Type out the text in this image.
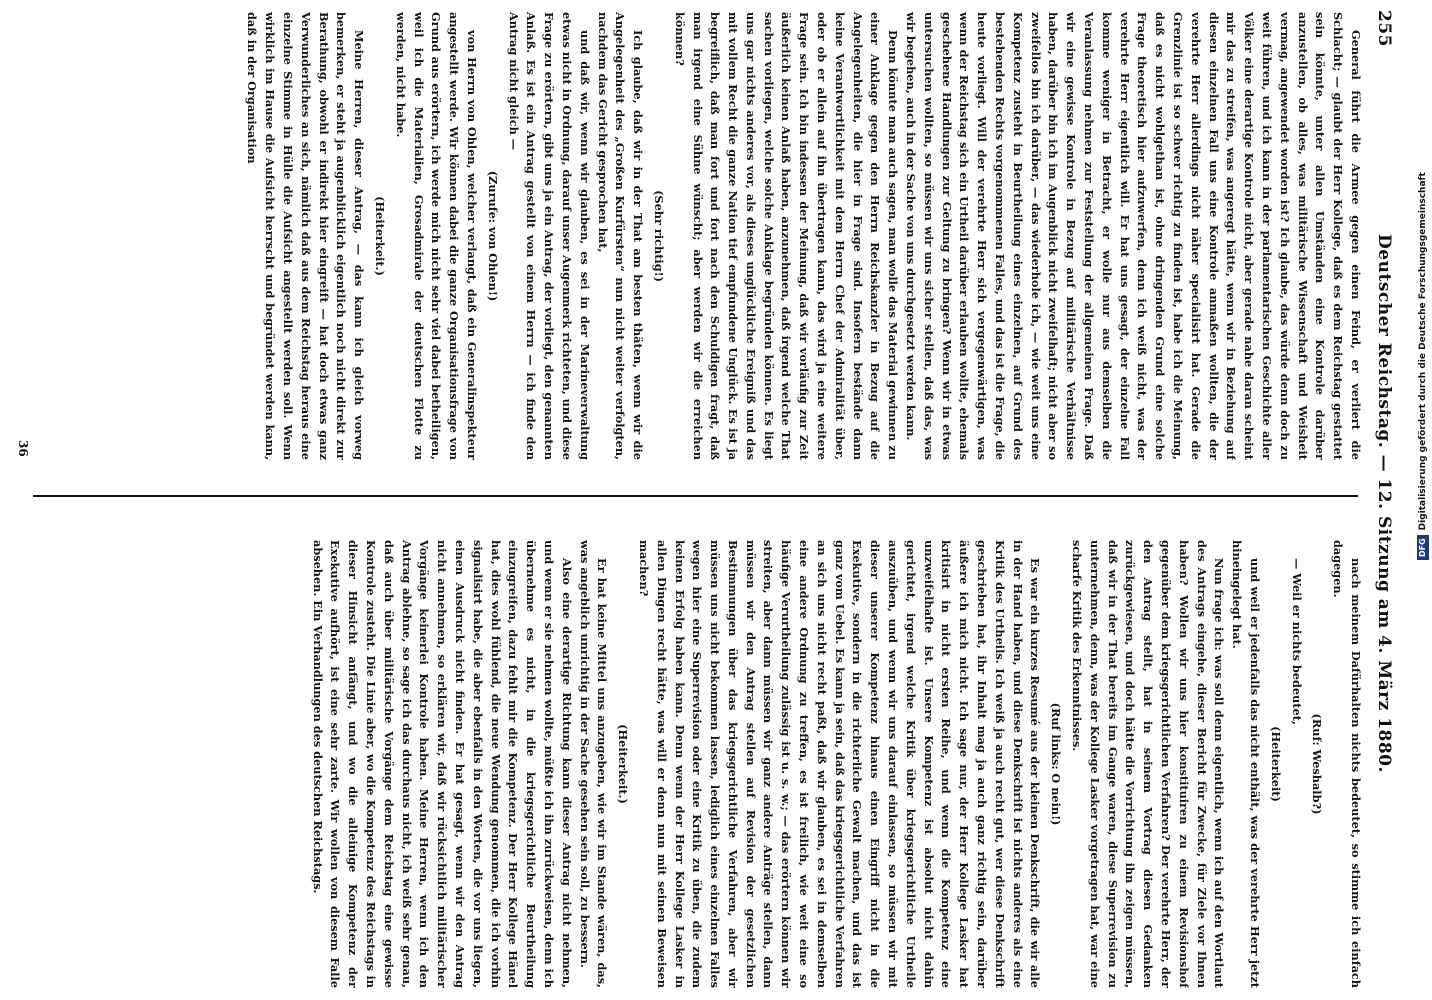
255
Deutscher Reichstag. — 12. Sitzung am 4. März 1880.

General führt die Armee gegen einen Feind, er verliert die Schlacht; — glaubt der Herr Kollege, daß es dem Reichstag gestattet sein könnte, unter allen Umständen eine Kontrole darüber anzustellen, ob alles, was militärische Wissenschaft und Weisheit vermag, angewendet worden ist? Ich glaube, das würde denn doch zu weit führen, und ich kann in der parlamentarischen Geschichte aller Völker eine derartige Kontrole nicht, aber gerade nahe daran scheint mir das zu streifen, was angeregt hätte, wenn wir in Beziehung auf diesen einzelnen Fall uns eine Kontrole anmaßen wollten, die der verehrte Herr allerdings nicht näher specialisirt hat. Gerade die Grenzlinie ist so schwer richtig zu finden ist, habe ich die Meinung, daß es nicht wohlgethan ist, ohne dringenden Grund eine solche Frage theoretisch hier aufzuwerfen, denn ich weiß nicht, was der verehrte Herr eigentlich will. Er hat uns gesagt, der einzelne Fall komme weniger in Betracht, er wolle nur aus demselben die Veranlassung nehmen zur Feststellung der allgemeinen Frage. Daß wir eine gewisse Kontrole in Bezug auf militärische Verhältnisse haben, darüber bin ich im Augenblick nicht zweifelhaft; nicht aber so zweifellos bin ich darüber, — das wiederhole ich, — wie weit uns eine Kompetenz zusteht in Beurtheilung eines einzelnen, auf Grund des bestehenden Rechts vorgenommenen Falles, und das ist die Frage, die heute vorliegt. Will der verehrte Herr sich vergegenwärtigen, was wenn der Reichstag sich ein Urtheil darüber erlauben wollte, ehemals geschehene Handlungen zur Geltung zu bringen? Wenn wir in etwas untersuchen wollten, so müssen wir uns sicher stellen, daß das, was wir begehen, auch in der Sache von uns durchgesetzt werden kann.

Denn könnte man auch sagen, man wolle das Material gewinnen zu einer Anklage gegen den Herrn Reichskanzler in Bezug auf die Angelegenheiten, die hier in Frage sind. Insofern bestände dann keine Verantwortlichkeit mit dem Herrn Chef der Admiralität über, oder ob er allein auf ihn übertragen kann, das wird ja eine weitere Frage sein. Ich bin indessen der Meinung, daß wir vorläufig zur Zeit äußerlich keinen Anlaß haben, anzunehmen, daß irgend welche That sachen vorliegen, welche solche Anklage begründen können. Es liegt uns gar nichts anderes vor, als dieses unglückliche Ereigniß und das mit vollem Recht die ganze Nation tief empfundene Unglück. Es ist ja begreiflich, daß man fort und fort nach den Schuldigen fragt, daß man irgend eine Sühne wünscht; aber werden wir die erreichen können?

(Sehr richtig!)

Ich glaube, daß wir in der That am besten thäten, wenn wir die Angelegenheit des „Großen Kurfürsten“ nun nicht weiter verfolgten, nachdem das Gericht gesprochen hat,

und daß wir, wenn wir glauben, es sei in der Marineverwaltung etwas nicht in Ordnung, darauf unser Augenmerk richteten, und diese Frage zu erörtern, gibt uns ja ein Antrag, der vorliegt, den genannten Anlaß. Es ist ein Antrag gestellt von einem Herrn — ich finde den Antrag nicht gleich —

(Zurufe: von Ohlen!)

von Herrn von Ohlen, welcher verlangt, daß ein Generalinspekteur angestellt werde. Wir können dabei die ganze Organisationsfrage von Grund aus erörtern, ich werde mich nicht sehr viel dabei betheiligen, weil ich die Materialien, Grosadmirale der deutschen Flotte zu werden, nicht habe.

(Heiterkeit.)

Meine Herren, dieser Antrag, — das kann ich gleich vorweg bemerken, er steht ja augenblicklich eigentlich noch nicht direkt zur Berathung, obwohl er indirekt hier eingreift — hat doch etwas ganz Verwunderliches an sich, nämlich daß aus dem Reichstag heraus eine einzelne Stimme in Hülle die Aufsicht angestellt werden soll. Wenn wirklich im Hause die Aufsicht herrscht und begründet werden kann, daß in der Organisation

nach meinem Dafürhalten nichts bedeutet, so stimme ich einfach dagegen.

(Ruf: Weshalb?)

— Weil er nichts bedeutet,

(Heiterkeit)

und weil er jedenfalls das nicht enthält, was der verehrte Herr jetzt hineingelegt hat.

Nun frage ich: was soll denn eigentlich, wenn ich auf den Wortlaut des Antrags eingehe, dieser Bericht für Zwecke, für Ziele vor Ihnen haben? Wollen wir uns hier konstituiren zu einem Revisionshof gegenüber dem kriegsgerichtlichen Verfahren? Der verehrte Herr, der den Antrag stellt, hat in seinem Vortrag diesen Gedanken zurückgewiesen, und doch hätte die Vorrichtung ihn zeigen müssen, daß wir in der That bereits im Gange waren, diese Superrevision zu unternehmen, denn, was der Kollege Lasker vorgetragen hat, war eine scharfe Kritik des Erkenntnisses.

(Ruf links: O nein!)

Es war ein kurzes Resumé aus der kleinen Denkschrift, die wir alle in der Hand haben, und diese Denkschrift ist nichts anderes als eine Kritik des Urtheils. Ich weiß ja auch recht gut, wer diese Denkschrift geschrieben hat, ihr Inhalt mag ja auch ganz richtig sein, darüber äußere ich mich nicht. Ich sage nur, der Herr Kollege Lasker hat kritisirt in nicht ersten Reihe, und wenn die Kompetenz eine unzweifelhafte ist. Unsere Kompetenz ist absolut nicht dahin gerichtet, irgend welche Kritik über kriegsgerichtliche Urtheile auszuüben, und wenn wir uns darauf einlassen, so müssen wir mit dieser unserer Kompetenz hinaus einen Eingriff nicht in die Exekutive, sondern in die richterliche Gewalt machen, und das ist ganz vom Uebel. Es kann ja sein, daß das kriegsgerichtliche Verfahren an sich uns nicht recht paßt, daß wir glauben, es sei in demselben eine andere Ordnung zu treffen, es ist freilich, wie weit eine so häufige Verurtheilung zulässig ist u. s. w.; — das erörtern können wir streiten, aber dann müssen wir ganz andere Anträge stellen, dann müssen wir den Antrag stellen auf Revision der gesetzlichen Bestimmungen über das kriegsgerichtliche Verfahren, aber wir müssen uns nicht bekommen lassen, lediglich eines einzelnen Falles wegen hier eine Superrevision oder eine Kritik zu üben, die zudem keinen Erfolg haben kann. Denn wenn der Herr Kollege Lasker in allen Dingen recht hätte, was will er denn nun mit seinen Beweisen machen?

(Heiterkeit.)

Er hat keine Mittel uns anzugeben, wie wir im Stande wären, das, was angeblich unrichtig in der Sache gesehen sein soll, zu bessern.

Also eine derartige Richtung kann dieser Antrag nicht nehmen, und wenn er sie nehmen wollte, müßte ich ihn zurückweisen, denn ich übernehme es nicht, in die kriegsgerichtliche Beurtheilung einzugreifen, dazu fehlt mir die Kompetenz. Der Herr Kollege Hänel hat, dies wohl fühlend, die neue Wendung genommen, die ich vorhin signalisirt habe, die aber ebenfalls in den Worten, die vor uns liegen, einen Ausdruck nicht finden. Er hat gesagt, wenn wir den Antrag nicht annehmen, so erklären wir, daß wir rücksichtlich militärischer Vorgänge keinerlei Kontrole haben. Meine Herren, wenn ich den Antrag ablehne, so sage ich das durchaus nicht, ich weiß sehr genau, daß auch über militärische Vorgänge dem Reichstag eine gewisse Kontrole zusteht. Die Linie aber, wo die Kompetenz des Reichstags in dieser Hinsicht anfängt, und wo die alleinige Kompetenz der Exekutive aufhört, ist eine sehr zarte. Wir wollen von diesem Falle absehen. Ein Verhandlungen des deutschen Reichstags.

36
DFG
Digitalisierung gefördert durch die Deutsche Forschungsgemeinschaft
